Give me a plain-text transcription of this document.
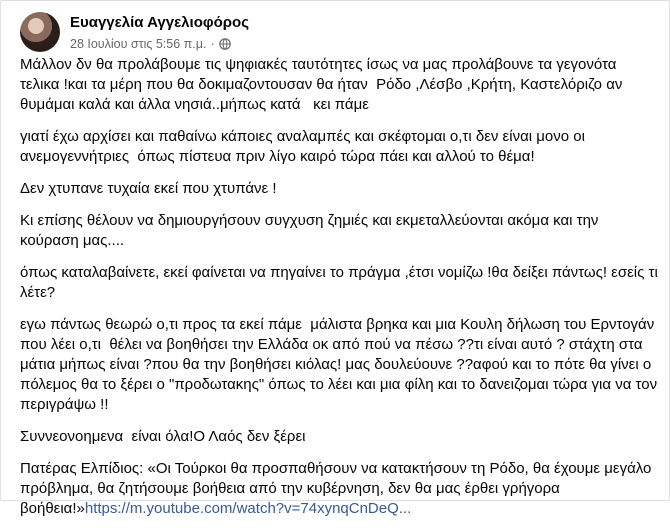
Ευαγγελία Αγγελιοφόρος
28 Ιουλίου στις 5:56 π.μ. ·

Μάλλον δν θα προλάβουμε τις ψηφιακές ταυτότητες ίσως να μας προλάβουνε τα γεγονότα τελικα !και τα μέρη που θα δοκιμαζοντουσαν θα ήταν  Ρόδο ,Λέσβο ,Κρήτη, Καστελόριζο αν θυμάμαι καλά και άλλα νησιά..μήπως κατά   κει πάμε

γιατί έχω αρχίσει και παθαίνω κάποιες αναλαμπές και σκέφτομαι ο,τι δεν είναι μονο οι ανεμογεννήτριες  όπως πίστευα πριν λίγο καιρό τώρα πάει και αλλού το θέμα!

Δεν χτυπανε τυχαία εκεί που χτυπάνε !

Κι επίσης θέλουν να δημιουργήσουν συγχυση ζημιές και εκμεταλλεύονται ακόμα και την κούραση μας....

όπως καταλαβαίνετε, εκεί φαίνεται να πηγαίνει το πράγμα ,έτσι νομίζω !θα δείξει πάντως! εσείς τι λέτε?

εγω πάντως θεωρώ ο,τι προς τα εκεί πάμε  μάλιστα βρηκα και μια Κουλη δήλωση του Ερντογάν που λέει ο,τι  θέλει να βοηθήσει την Ελλάδα οκ από πού να πέσω ??τι είναι αυτό ? στάχτη στα μάτια μήπως είναι ?που θα την βοηθήσει κιόλας! μας δουλεύουνε ??αφού και το πότε θα γίνει ο πόλεμος θα το ξέρει ο "προδωτακης" όπως το λέει και μια φίλη και το δανειζομαι τώρα για να τον περιγράψω !!

Συννεονοημενα  είναι όλα!Ο Λαός δεν ξέρει

Πατέρας Ελπίδιος: «Οι Τούρκοι θα προσπαθήσουν να κατακτήσουν τη Ρόδο, θα έχουμε μεγάλο πρόβλημα, θα ζητήσουμε βοήθεια από την κυβέρνηση, δεν θα μας έρθει γρήγορα βοήθεια!»https://m.youtube.com/watch?v=74xynqCnDeQ...
